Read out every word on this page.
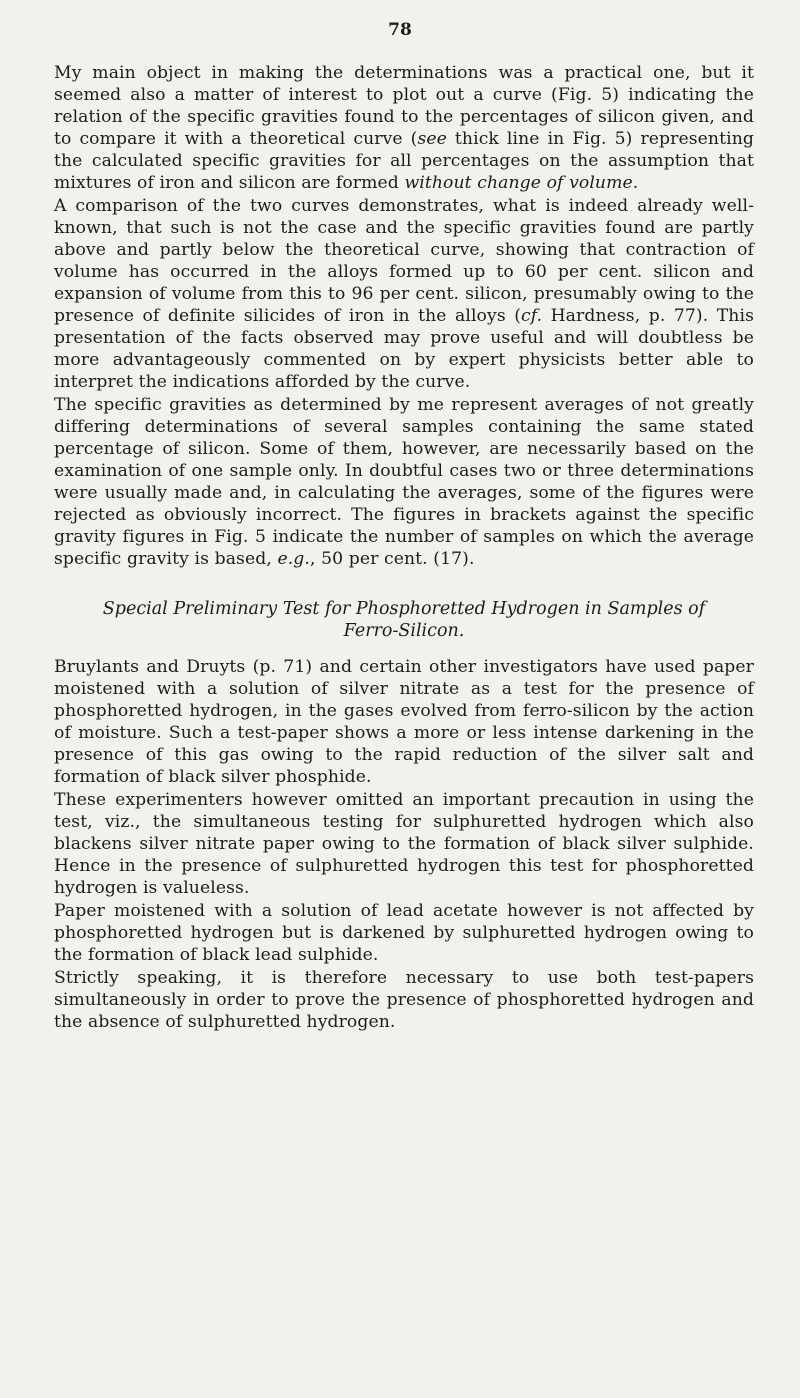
78

My main object in making the determinations was a practical one, but it seemed also a matter of interest to plot out a curve (Fig. 5) indicating the relation of the specific gravities found to the percentages of silicon given, and to compare it with a theoretical curve (see thick line in Fig. 5) representing the calculated specific gravities for all percentages on the assumption that mixtures of iron and silicon are formed without change of volume.

A comparison of the two curves demonstrates, what is indeed already well-known, that such is not the case and the specific gravities found are partly above and partly below the theoretical curve, showing that contraction of volume has occurred in the alloys formed up to 60 per cent. silicon and expansion of volume from this to 96 per cent. silicon, presumably owing to the presence of definite silicides of iron in the alloys (cf. Hardness, p. 77). This presentation of the facts observed may prove useful and will doubtless be more advantageously commented on by expert physicists better able to interpret the indications afforded by the curve.

The specific gravities as determined by me represent averages of not greatly differing determinations of several samples containing the same stated percentage of silicon. Some of them, however, are necessarily based on the examination of one sample only. In doubtful cases two or three determinations were usually made and, in calculating the averages, some of the figures were rejected as obviously incorrect. The figures in brackets against the specific gravity figures in Fig. 5 indicate the number of samples on which the average specific gravity is based, e.g., 50 per cent. (17).

Special Preliminary Test for Phosphoretted Hydrogen in Samples of Ferro-Silicon.

Bruylants and Druyts (p. 71) and certain other investigators have used paper moistened with a solution of silver nitrate as a test for the presence of phosphoretted hydrogen, in the gases evolved from ferro-silicon by the action of moisture. Such a test-paper shows a more or less intense darkening in the presence of this gas owing to the rapid reduction of the silver salt and formation of black silver phosphide.

These experimenters however omitted an important precaution in using the test, viz., the simultaneous testing for sulphuretted hydrogen which also blackens silver nitrate paper owing to the formation of black silver sulphide. Hence in the presence of sulphuretted hydrogen this test for phosphoretted hydrogen is valueless.

Paper moistened with a solution of lead acetate however is not affected by phosphoretted hydrogen but is darkened by sulphuretted hydrogen owing to the formation of black lead sulphide.

Strictly speaking, it is therefore necessary to use both test-papers simultaneously in order to prove the presence of phosphoretted hydrogen and the absence of sulphuretted hydrogen.
